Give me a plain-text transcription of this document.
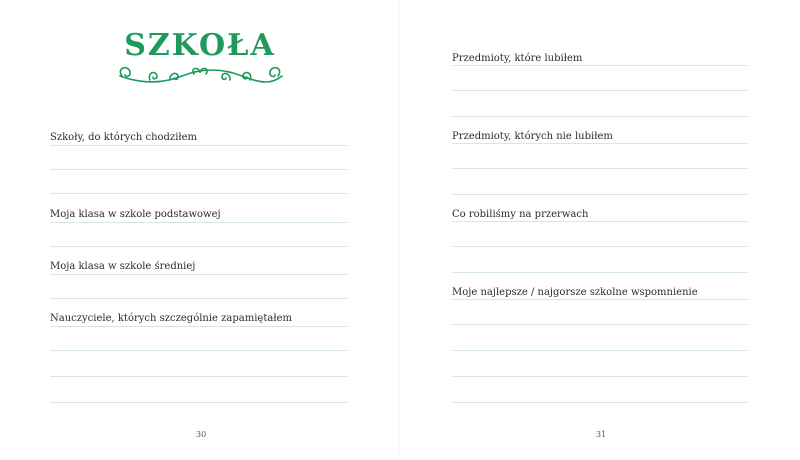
SZKOŁA
Szkoły, do których chodziłem
Moja klasa w szkole podstawowej
Moja klasa w szkole średniej
Nauczyciele, których szczególnie zapamiętałem
30
Przedmioty, które lubiłem
Przedmioty, których nie lubiłem
Co robiliśmy na przerwach
Moje najlepsze / najgorsze szkolne wspomnienie
31
